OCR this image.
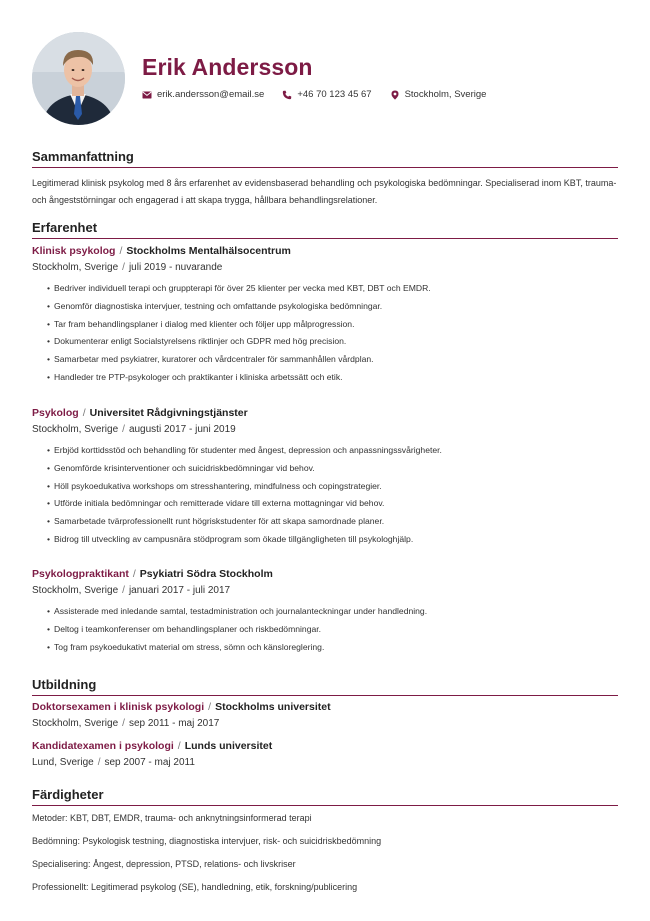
Erik Andersson
erik.andersson@email.se	+46 70 123 45 67	Stockholm, Sverige
Sammanfattning
Legitimerad klinisk psykolog med 8 års erfarenhet av evidensbaserad behandling och psykologiska bedömningar. Specialiserad inom KBT, trauma- och ångeststörningar och engagerad i att skapa trygga, hållbara behandlingsrelationer.
Erfarenhet
Klinisk psykolog / Stockholms Mentalhälsocentrum
Stockholm, Sverige / juli 2019 - nuvarande
• Bedriver individuell terapi och gruppterapi för över 25 klienter per vecka med KBT, DBT och EMDR.
• Genomför diagnostiska intervjuer, testning och omfattande psykologiska bedömningar.
• Tar fram behandlingsplaner i dialog med klienter och följer upp målprogression.
• Dokumenterar enligt Socialstyrelsens riktlinjer och GDPR med hög precision.
• Samarbetar med psykiatrer, kuratorer och vårdcentraler för sammanhållen vårdplan.
• Handleder tre PTP-psykologer och praktikanter i kliniska arbetssätt och etik.
Psykolog / Universitet Rådgivningstjänster
Stockholm, Sverige / augusti 2017 - juni 2019
• Erbjöd korttidsstöd och behandling för studenter med ångest, depression och anpassningssvårigheter.
• Genomförde krisinterventioner och suicidriskbedömningar vid behov.
• Höll psykoedukativa workshops om stresshantering, mindfulness och copingstrategier.
• Utförde initiala bedömningar och remitterade vidare till externa mottagningar vid behov.
• Samarbetade tvärprofessionellt runt högriskstudenter för att skapa samordnade planer.
• Bidrog till utveckling av campusnära stödprogram som ökade tillgängligheten till psykologhjälp.
Psykologpraktikant / Psykiatri Södra Stockholm
Stockholm, Sverige / januari 2017 - juli 2017
• Assisterade med inledande samtal, testadministration och journalanteckningar under handledning.
• Deltog i teamkonferenser om behandlingsplaner och riskbedömningar.
• Tog fram psykoedukativt material om stress, sömn och känsloreglering.
Utbildning
Doktorsexamen i klinisk psykologi / Stockholms universitet
Stockholm, Sverige / sep 2011 - maj 2017
Kandidatexamen i psykologi / Lunds universitet
Lund, Sverige / sep 2007 - maj 2011
Färdigheter
Metoder: KBT, DBT, EMDR, trauma- och anknytningsinformerad terapi
Bedömning: Psykologisk testning, diagnostiska intervjuer, risk- och suicidriskbedömning
Specialisering: Ångest, depression, PTSD, relations- och livskriser
Professionellt: Legitimerad psykolog (SE), handledning, etik, forskning/publicering
